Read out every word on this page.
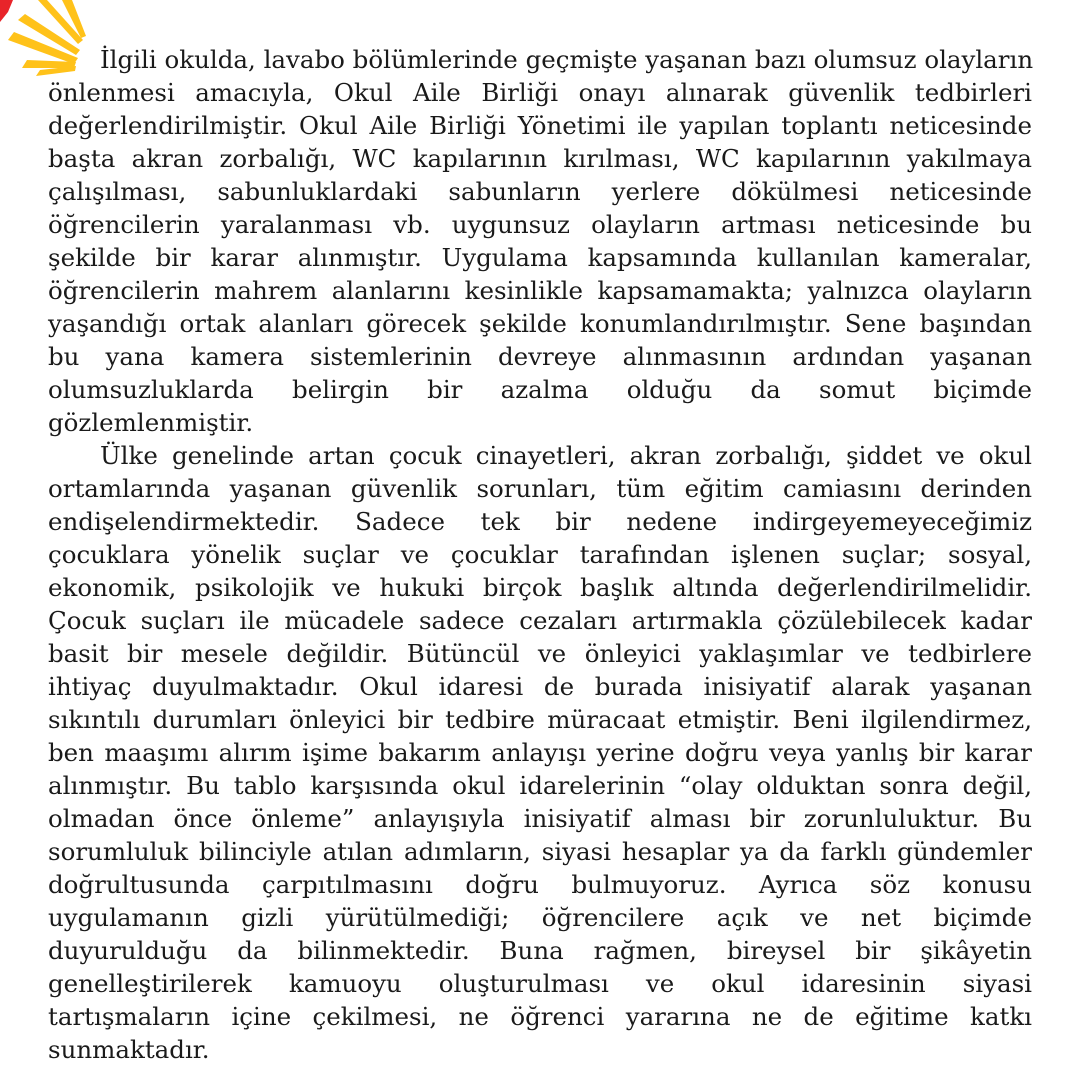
İlgili okulda, lavabo bölümlerinde geçmişte yaşanan bazı olumsuz olayların
önlenmesi amacıyla, Okul Aile Birliği onayı alınarak güvenlik tedbirleri
değerlendirilmiştir. Okul Aile Birliği Yönetimi ile yapılan toplantı neticesinde
başta akran zorbalığı, WC kapılarının kırılması, WC kapılarının yakılmaya
çalışılması, sabunluklardaki sabunların yerlere dökülmesi neticesinde
öğrencilerin yaralanması vb. uygunsuz olayların artması neticesinde bu
şekilde bir karar alınmıştır. Uygulama kapsamında kullanılan kameralar,
öğrencilerin mahrem alanlarını kesinlikle kapsamamakta; yalnızca olayların
yaşandığı ortak alanları görecek şekilde konumlandırılmıştır. Sene başından
bu yana kamera sistemlerinin devreye alınmasının ardından yaşanan
olumsuzluklarda belirgin bir azalma olduğu da somut biçimde
gözlemlenmiştir.
Ülke genelinde artan çocuk cinayetleri, akran zorbalığı, şiddet ve okul
ortamlarında yaşanan güvenlik sorunları, tüm eğitim camiasını derinden
endişelendirmektedir. Sadece tek bir nedene indirgeyemeyeceğimiz
çocuklara yönelik suçlar ve çocuklar tarafından işlenen suçlar; sosyal,
ekonomik, psikolojik ve hukuki birçok başlık altında değerlendirilmelidir.
Çocuk suçları ile mücadele sadece cezaları artırmakla çözülebilecek kadar
basit bir mesele değildir. Bütüncül ve önleyici yaklaşımlar ve tedbirlere
ihtiyaç duyulmaktadır. Okul idaresi de burada inisiyatif alarak yaşanan
sıkıntılı durumları önleyici bir tedbire müracaat etmiştir. Beni ilgilendirmez,
ben maaşımı alırım işime bakarım anlayışı yerine doğru veya yanlış bir karar
alınmıştır. Bu tablo karşısında okul idarelerinin “olay olduktan sonra değil,
olmadan önce önleme” anlayışıyla inisiyatif alması bir zorunluluktur. Bu
sorumluluk bilinciyle atılan adımların, siyasi hesaplar ya da farklı gündemler
doğrultusunda çarpıtılmasını doğru bulmuyoruz. Ayrıca söz konusu
uygulamanın gizli yürütülmediği; öğrencilere açık ve net biçimde
duyurulduğu da bilinmektedir. Buna rağmen, bireysel bir şikâyetin
genelleştirilerek kamuoyu oluşturulması ve okul idaresinin siyasi
tartışmaların içine çekilmesi, ne öğrenci yararına ne de eğitime katkı
sunmaktadır.
